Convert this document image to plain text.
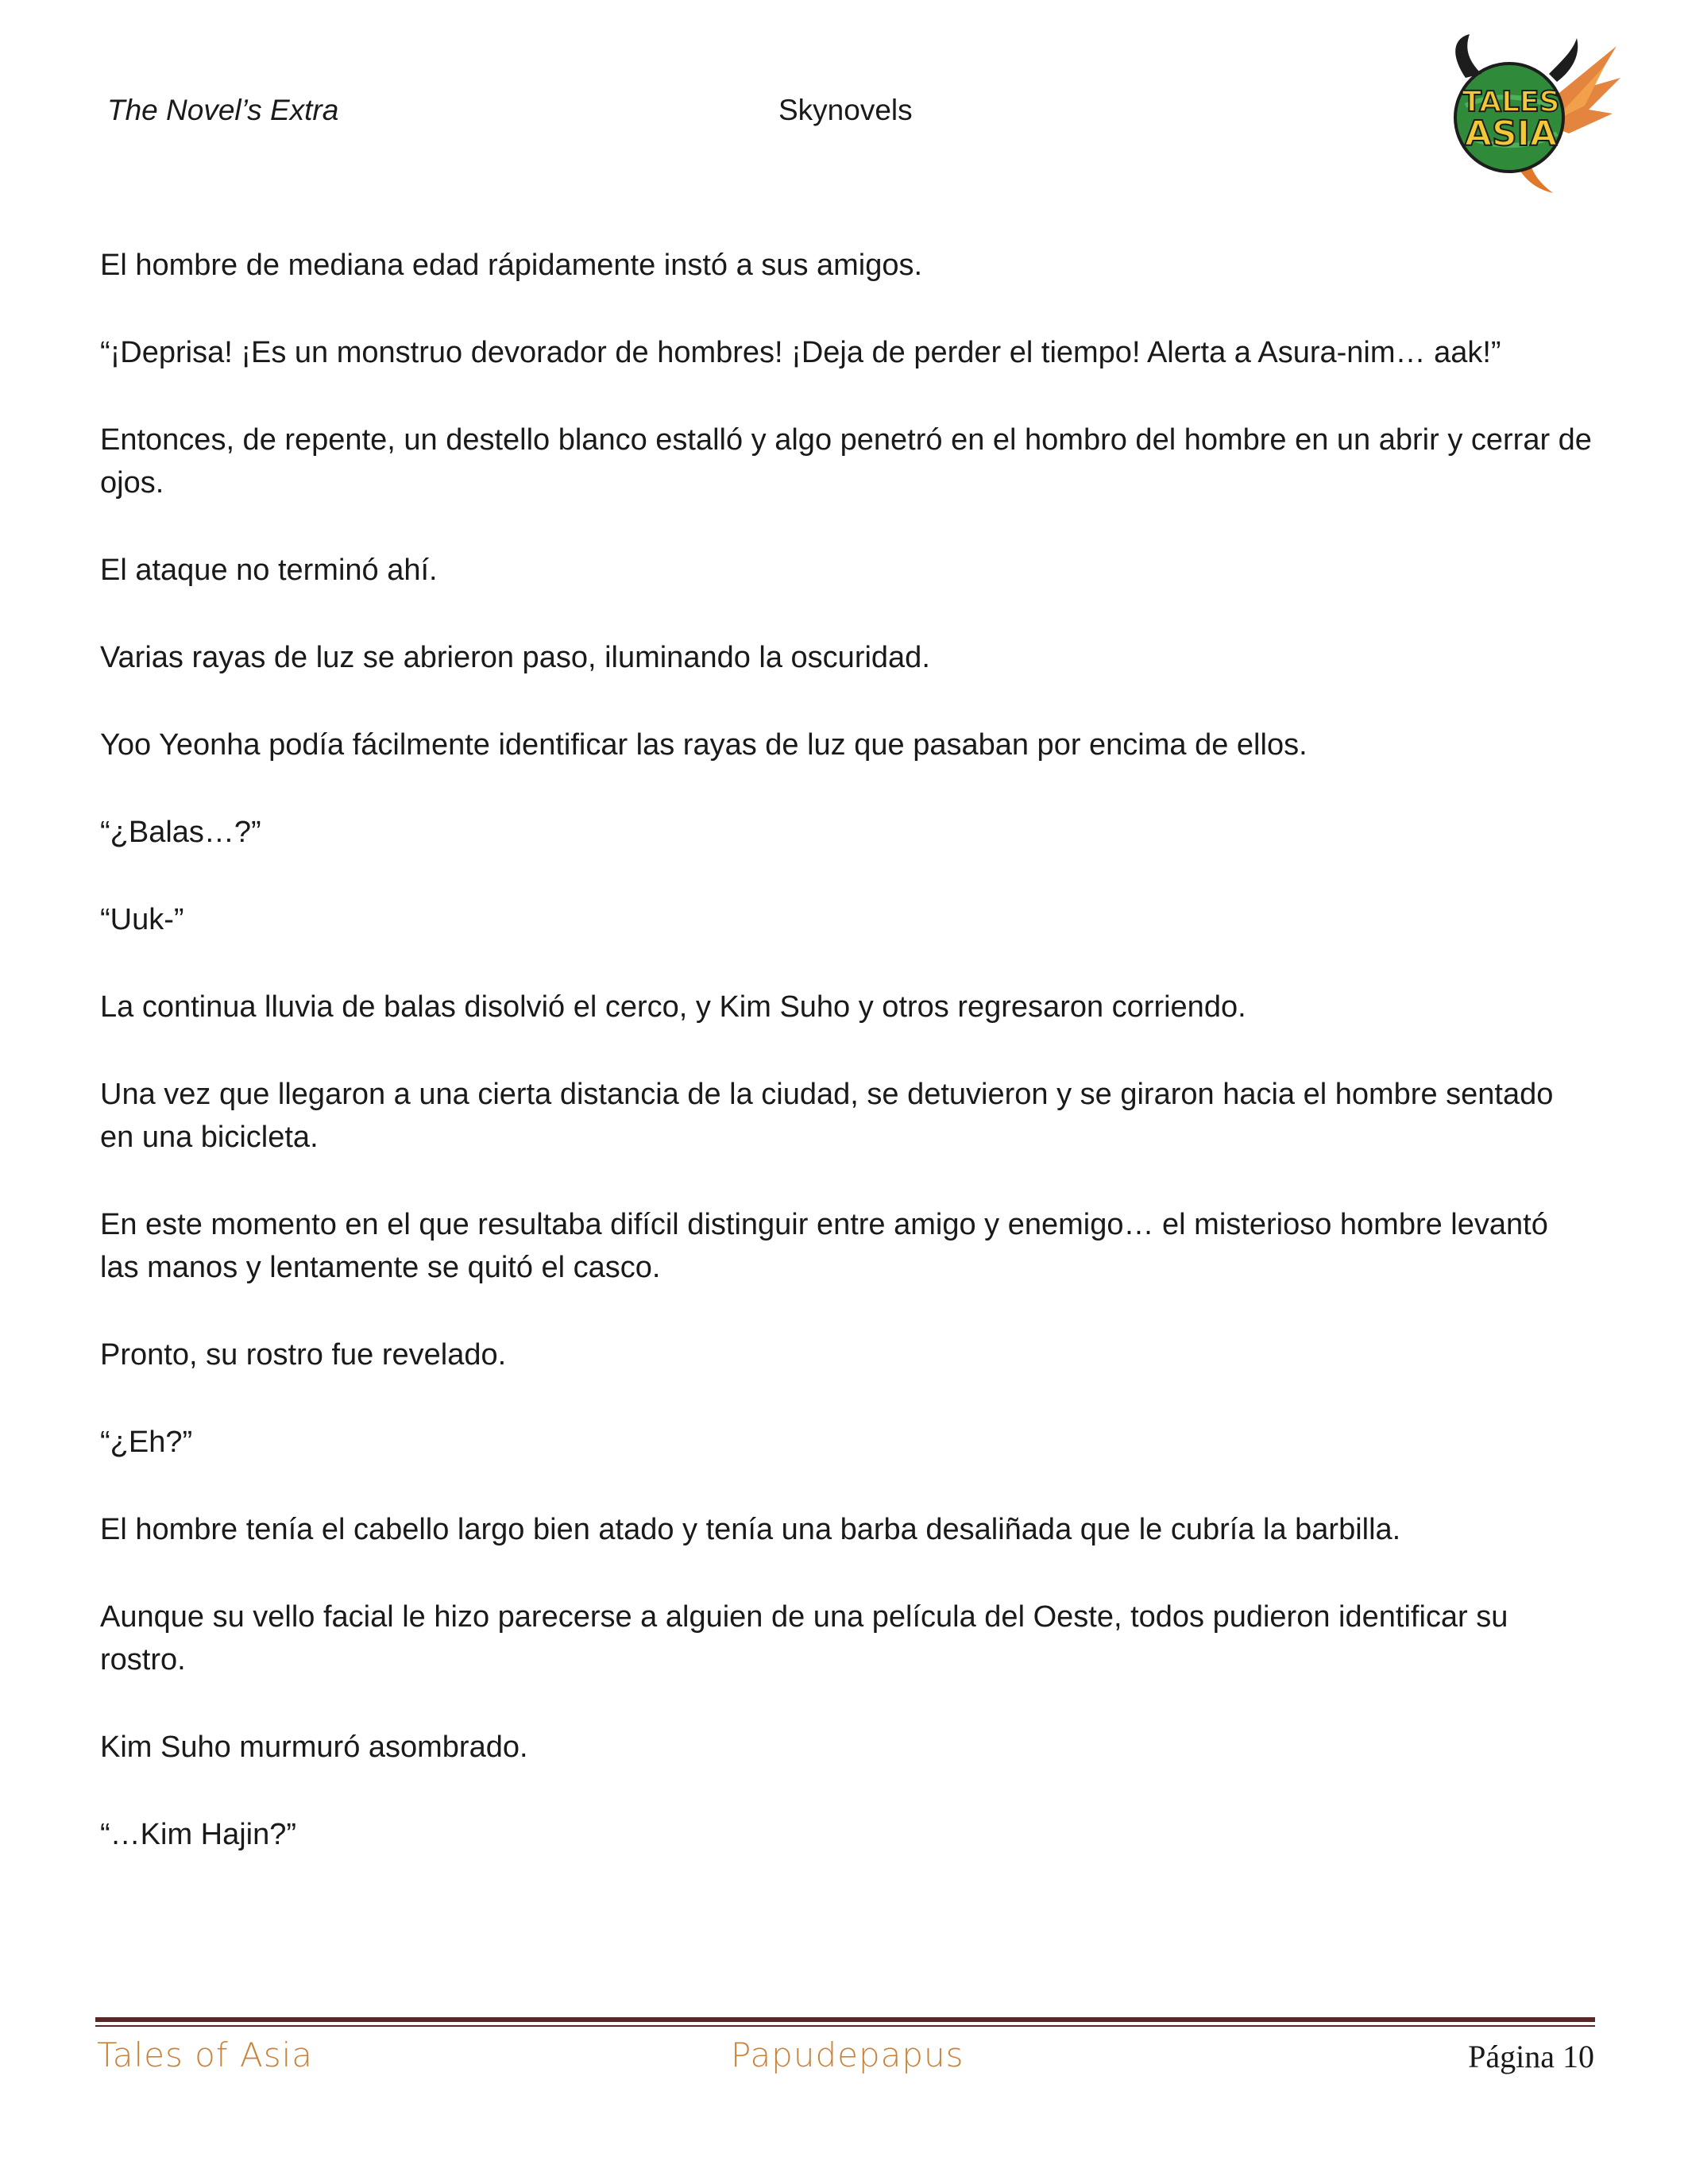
The Novel’s Extra	Skynovels	TALES
ASIA

El hombre de mediana edad rápidamente instó a sus amigos.

“¡Deprisa! ¡Es un monstruo devorador de hombres! ¡Deja de perder el tiempo! Alerta a Asura-nim… aak!”

Entonces, de repente, un destello blanco estalló y algo penetró en el hombro del hombre en un abrir y cerrar de ojos.

El ataque no terminó ahí.

Varias rayas de luz se abrieron paso, iluminando la oscuridad.

Yoo Yeonha podía fácilmente identificar las rayas de luz que pasaban por encima de ellos.

“¿Balas…?”

“Uuk-”

La continua lluvia de balas disolvió el cerco, y Kim Suho y otros regresaron corriendo.

Una vez que llegaron a una cierta distancia de la ciudad, se detuvieron y se giraron hacia el hombre sentado en una bicicleta.

En este momento en el que resultaba difícil distinguir entre amigo y enemigo… el misterioso hombre levantó las manos y lentamente se quitó el casco.

Pronto, su rostro fue revelado.

“¿Eh?”

El hombre tenía el cabello largo bien atado y tenía una barba desaliñada que le cubría la barbilla.

Aunque su vello facial le hizo parecerse a alguien de una película del Oeste, todos pudieron identificar su rostro.

Kim Suho murmuró asombrado.

“…Kim Hajin?”

Tales of Asia	Papudepapus	Página 10
